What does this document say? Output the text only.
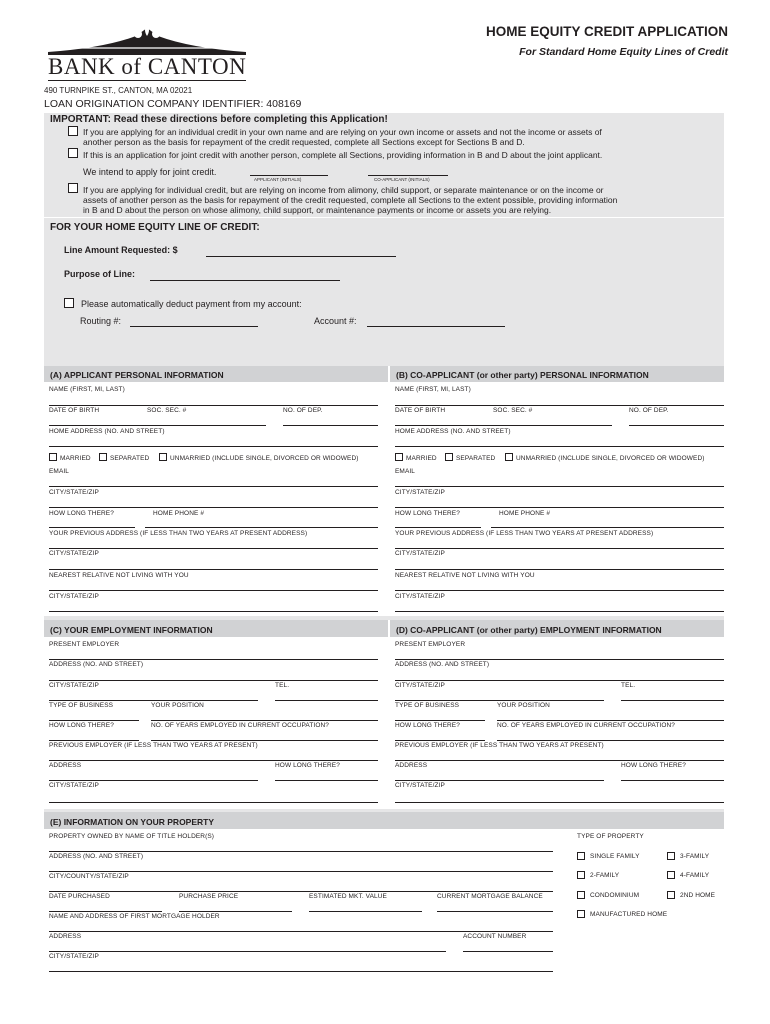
BANK of CANTON
HOME EQUITY CREDIT APPLICATION
For Standard Home Equity Lines of Credit
490 TURNPIKE ST., CANTON, MA 02021
LOAN ORIGINATION COMPANY IDENTIFIER: 408169
IMPORTANT: Read these directions before completing this Application!
If you are applying for an individual credit in your own name and are relying on your own income or assets and not the income or assets of
another person as the basis for repayment of the credit requested, complete all Sections except for Sections B and D.
If this is an application for joint credit with another person, complete all Sections, providing information in B and D about the joint applicant.
We intend to apply for joint credit.
APPLICANT (INITIALS)	CO-APPLICANT (INITIALS)
If you are applying for individual credit, but are relying on income from alimony, child support, or separate maintenance or on the income or
assets of another person as the basis for repayment of the credit requested, complete all Sections to the extent possible, providing information
in B and D about the person on whose alimony, child support, or maintenance payments or income or assets you are relying.
FOR YOUR HOME EQUITY LINE OF CREDIT:
Line Amount Requested: $
Purpose of Line:
Please automatically deduct payment from my account:
Routing #:	Account #:
(A) APPLICANT PERSONAL INFORMATION	(B) CO-APPLICANT (or other party) PERSONAL INFORMATION
NAME (FIRST, MI, LAST)
DATE OF BIRTH	SOC. SEC. #	NO. OF DEP.
HOME ADDRESS (NO. AND STREET)
MARRIED	SEPARATED	UNMARRIED (INCLUDE SINGLE, DIVORCED OR WIDOWED)
EMAIL
CITY/STATE/ZIP
HOW LONG THERE?	HOME PHONE #
YOUR PREVIOUS ADDRESS (IF LESS THAN TWO YEARS AT PRESENT ADDRESS)
CITY/STATE/ZIP
NEAREST RELATIVE NOT LIVING WITH YOU
CITY/STATE/ZIP
NAME (FIRST, MI, LAST)
DATE OF BIRTH	SOC. SEC. #	NO. OF DEP.
HOME ADDRESS (NO. AND STREET)
MARRIED	SEPARATED	UNMARRIED (INCLUDE SINGLE, DIVORCED OR WIDOWED)
EMAIL
CITY/STATE/ZIP
HOW LONG THERE?	HOME PHONE #
YOUR PREVIOUS ADDRESS (IF LESS THAN TWO YEARS AT PRESENT ADDRESS)
CITY/STATE/ZIP
NEAREST RELATIVE NOT LIVING WITH YOU
CITY/STATE/ZIP
(C) YOUR EMPLOYMENT INFORMATION	(D) CO-APPLICANT (or other party) EMPLOYMENT INFORMATION
PRESENT EMPLOYER
ADDRESS (NO. AND STREET)
CITY/STATE/ZIP	TEL.
TYPE OF BUSINESS	YOUR POSITION
HOW LONG THERE?	NO. OF YEARS EMPLOYED IN CURRENT OCCUPATION?
PREVIOUS EMPLOYER (IF LESS THAN TWO YEARS AT PRESENT)
ADDRESS	HOW LONG THERE?
CITY/STATE/ZIP
PRESENT EMPLOYER
ADDRESS (NO. AND STREET)
CITY/STATE/ZIP	TEL.
TYPE OF BUSINESS	YOUR POSITION
HOW LONG THERE?	NO. OF YEARS EMPLOYED IN CURRENT OCCUPATION?
PREVIOUS EMPLOYER (IF LESS THAN TWO YEARS AT PRESENT)
ADDRESS	HOW LONG THERE?
CITY/STATE/ZIP
(E) INFORMATION ON YOUR PROPERTY
PROPERTY OWNED BY NAME OF TITLE HOLDER(S)
ADDRESS (NO. AND STREET)
CITY/COUNTY/STATE/ZIP
DATE PURCHASED	PURCHASE PRICE	ESTIMATED MKT. VALUE	CURRENT MORTGAGE BALANCE
NAME AND ADDRESS OF FIRST MORTGAGE HOLDER
ADDRESS	ACCOUNT NUMBER
CITY/STATE/ZIP
TYPE OF PROPERTY
SINGLE FAMILY	3-FAMILY
2-FAMILY	4-FAMILY
CONDOMINIUM	2ND HOME
MANUFACTURED HOME
